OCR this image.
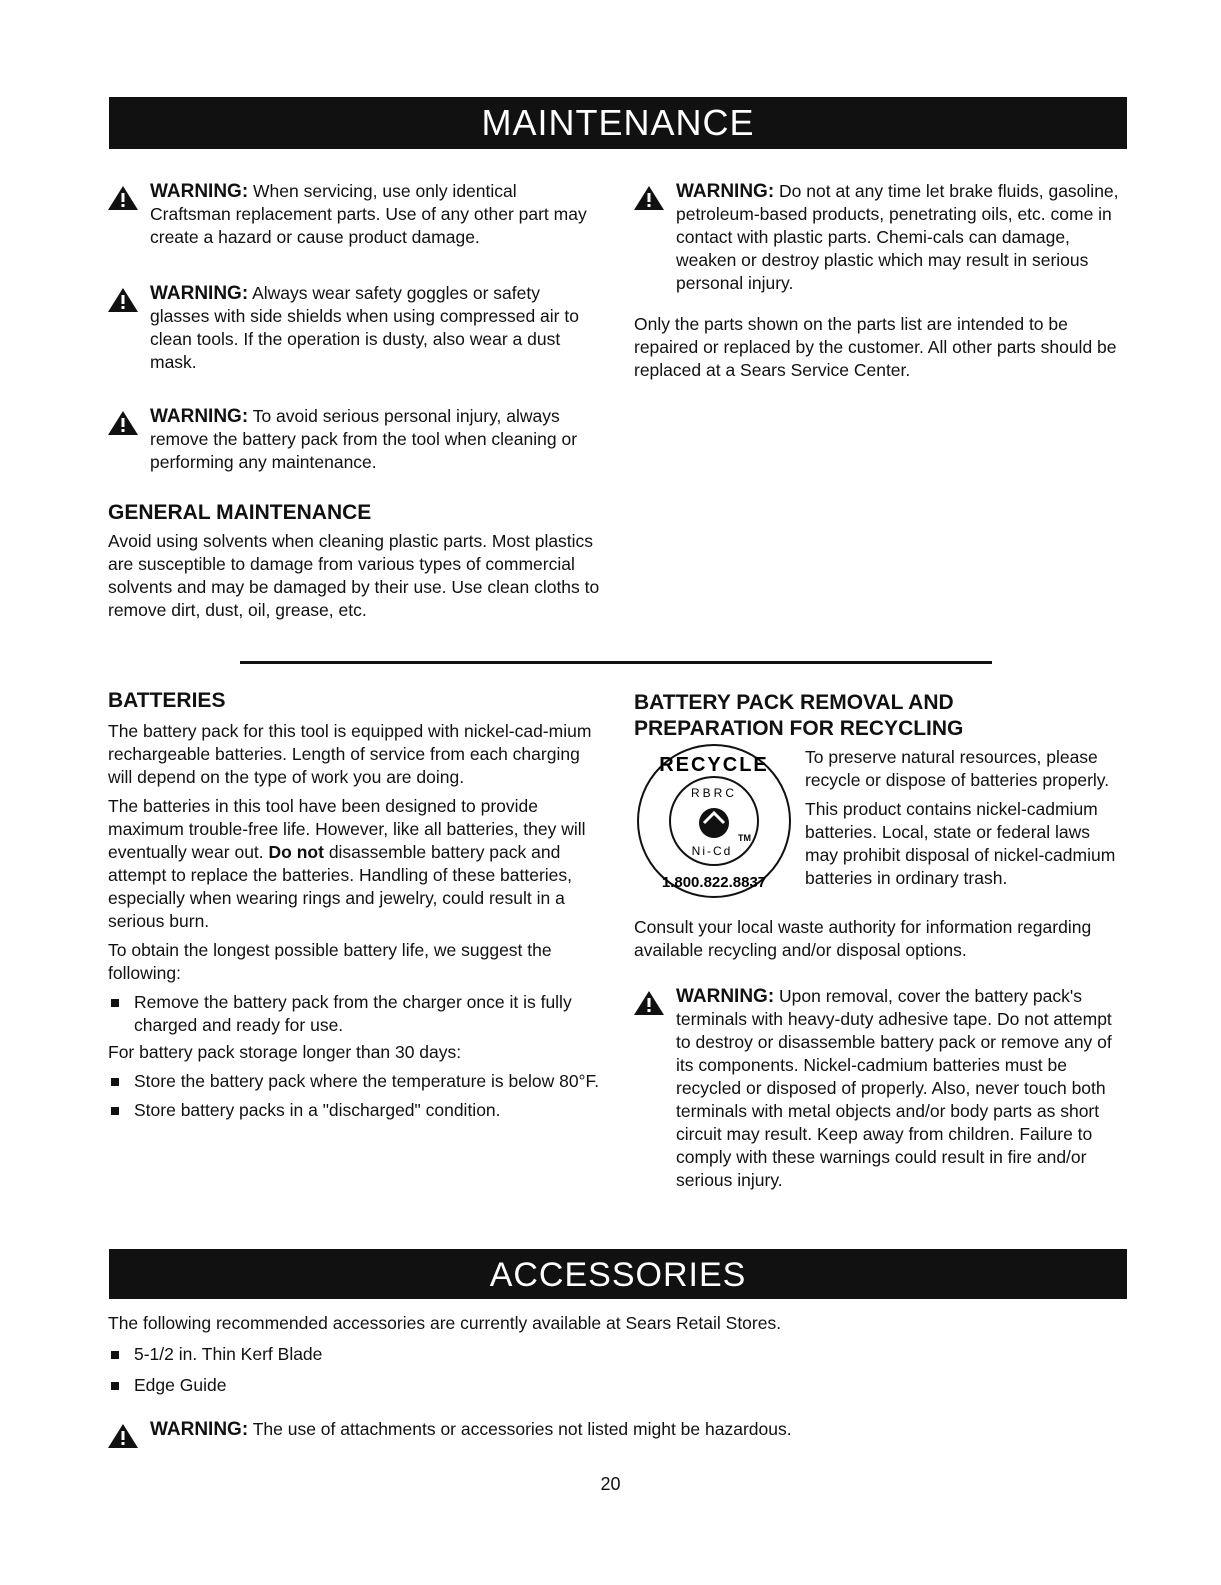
MAINTENANCE
WARNING: When servicing, use only identical Craftsman replacement parts. Use of any other part may create a hazard or cause product damage.
WARNING: Always wear safety goggles or safety glasses with side shields when using compressed air to clean tools. If the operation is dusty, also wear a dust mask.
WARNING: To avoid serious personal injury, always remove the battery pack from the tool when cleaning or performing any maintenance.

GENERAL MAINTENANCE

Avoid using solvents when cleaning plastic parts. Most plastics are susceptible to damage from various types of commercial solvents and may be damaged by their use. Use clean cloths to remove dirt, dust, oil, grease, etc.

WARNING: Do not at any time let brake fluids, gasoline, petroleum-based products, penetrating oils, etc. come in contact with plastic parts. Chemi-cals can damage, weaken or destroy plastic which may result in serious personal injury.

Only the parts shown on the parts list are intended to be repaired or replaced by the customer. All other parts should be replaced at a Sears Service Center.

BATTERIES

The battery pack for this tool is equipped with nickel-cad-mium rechargeable batteries. Length of service from each charging will depend on the type of work you are doing.

The batteries in this tool have been designed to provide maximum trouble-free life. However, like all batteries, they will eventually wear out. Do not disassemble battery pack and attempt to replace the batteries. Handling of these batteries, especially when wearing rings and jewelry, could result in a serious burn.

To obtain the longest possible battery life, we suggest the following:

Remove the battery pack from the charger once it is fully charged and ready for use.

For battery pack storage longer than 30 days:

Store the battery pack where the temperature is below 80°F.
Store battery packs in a "discharged" condition.

BATTERY PACK REMOVAL AND
PREPARATION FOR RECYCLING

RECYCLE
RBRC
TM
Ni-Cd
1.800.822.8837

To preserve natural resources, please recycle or dispose of batteries properly.

This product contains nickel-cadmium batteries. Local, state or federal laws may prohibit disposal of nickel-cadmium batteries in ordinary trash.

Consult your local waste authority for information regarding available recycling and/or disposal options.

WARNING: Upon removal, cover the battery pack's terminals with heavy-duty adhesive tape. Do not attempt to destroy or disassemble battery pack or remove any of its components. Nickel-cadmium batteries must be recycled or disposed of properly. Also, never touch both terminals with metal objects and/or body parts as short circuit may result. Keep away from children. Failure to comply with these warnings could result in fire and/or serious injury.
ACCESSORIES

The following recommended accessories are currently available at Sears Retail Stores.

5-1/2 in. Thin Kerf Blade
Edge Guide
WARNING: The use of attachments or accessories not listed might be hazardous.
20
